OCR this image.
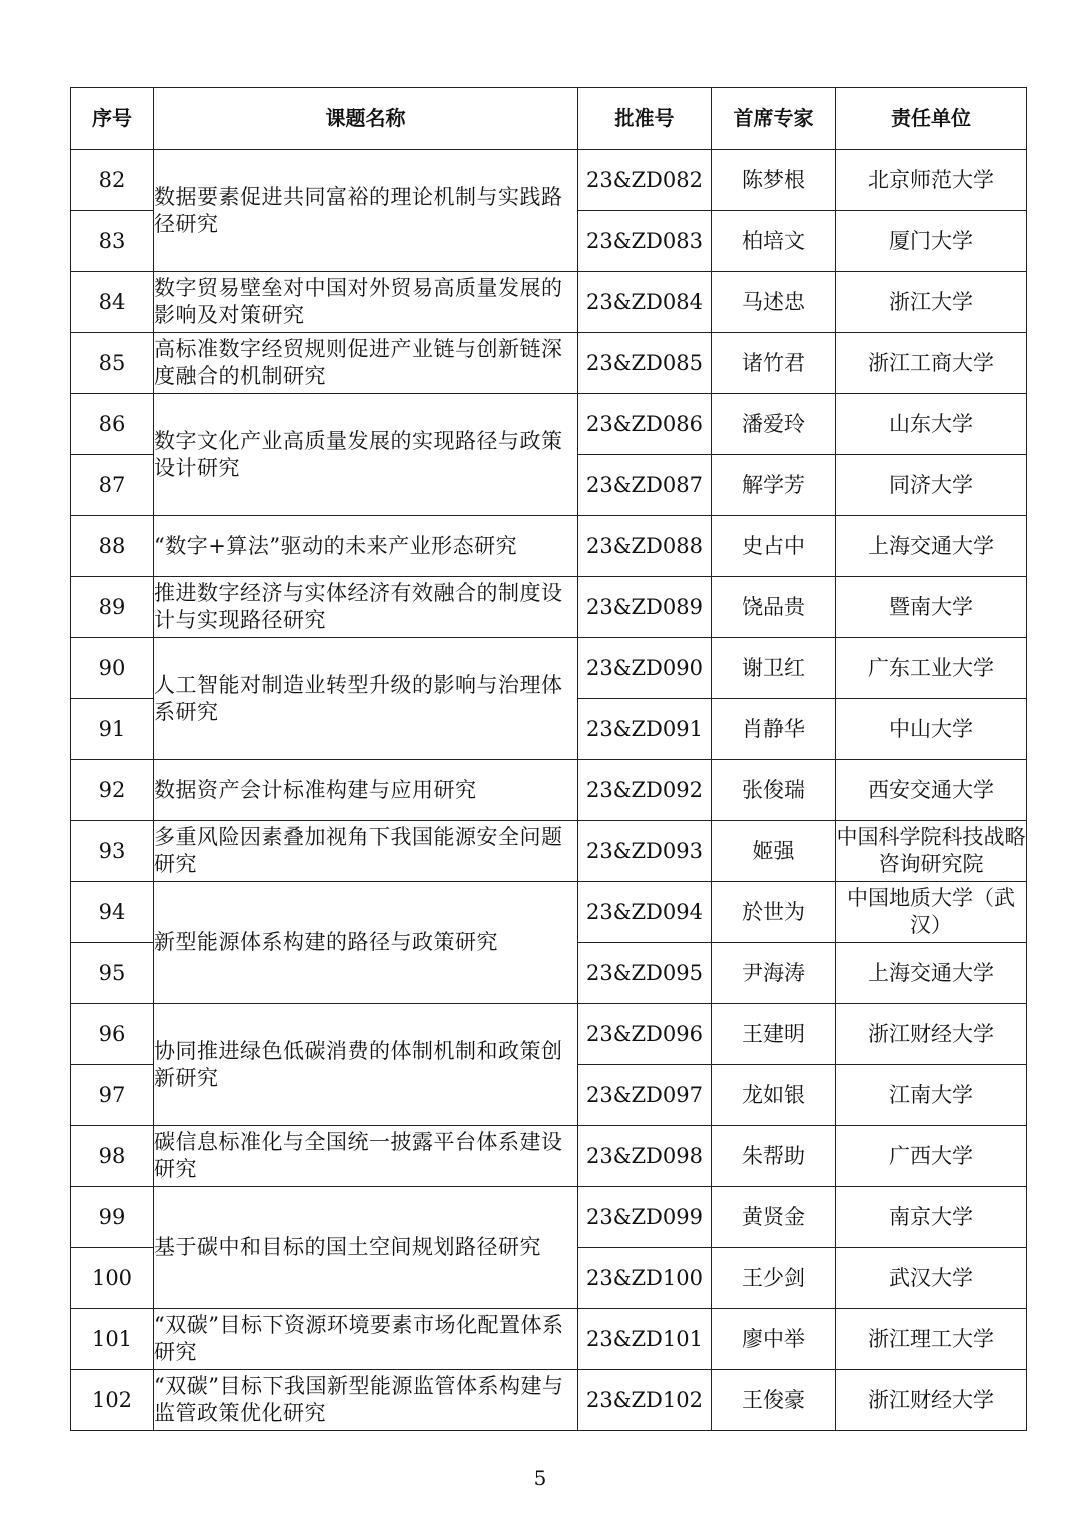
序号	课题名称	批准号	首席专家	责任单位
82	数据要素促进共同富裕的理论机制与实践路径研究	23&ZD082	陈梦根	北京师范大学
83		23&ZD083	柏培文	厦门大学
84	数字贸易壁垒对中国对外贸易高质量发展的影响及对策研究	23&ZD084	马述忠	浙江大学
85	高标准数字经贸规则促进产业链与创新链深度融合的机制研究	23&ZD085	诸竹君	浙江工商大学
86	数字文化产业高质量发展的实现路径与政策设计研究	23&ZD086	潘爱玲	山东大学
87		23&ZD087	解学芳	同济大学
88	“数字+算法”驱动的未来产业形态研究	23&ZD088	史占中	上海交通大学
89	推进数字经济与实体经济有效融合的制度设计与实现路径研究	23&ZD089	饶品贵	暨南大学
90	人工智能对制造业转型升级的影响与治理体系研究	23&ZD090	谢卫红	广东工业大学
91		23&ZD091	肖静华	中山大学
92	数据资产会计标准构建与应用研究	23&ZD092	张俊瑞	西安交通大学
93	多重风险因素叠加视角下我国能源安全问题研究	23&ZD093	姬强	中国科学院科技战略咨询研究院
94	新型能源体系构建的路径与政策研究	23&ZD094	於世为	中国地质大学（武汉）
95		23&ZD095	尹海涛	上海交通大学
96	协同推进绿色低碳消费的体制机制和政策创新研究	23&ZD096	王建明	浙江财经大学
97		23&ZD097	龙如银	江南大学
98	碳信息标准化与全国统一披露平台体系建设研究	23&ZD098	朱帮助	广西大学
99	基于碳中和目标的国土空间规划路径研究	23&ZD099	黄贤金	南京大学
100		23&ZD100	王少剑	武汉大学
101	“双碳”目标下资源环境要素市场化配置体系研究	23&ZD101	廖中举	浙江理工大学
102	“双碳”目标下我国新型能源监管体系构建与监管政策优化研究	23&ZD102	王俊豪	浙江财经大学
5
